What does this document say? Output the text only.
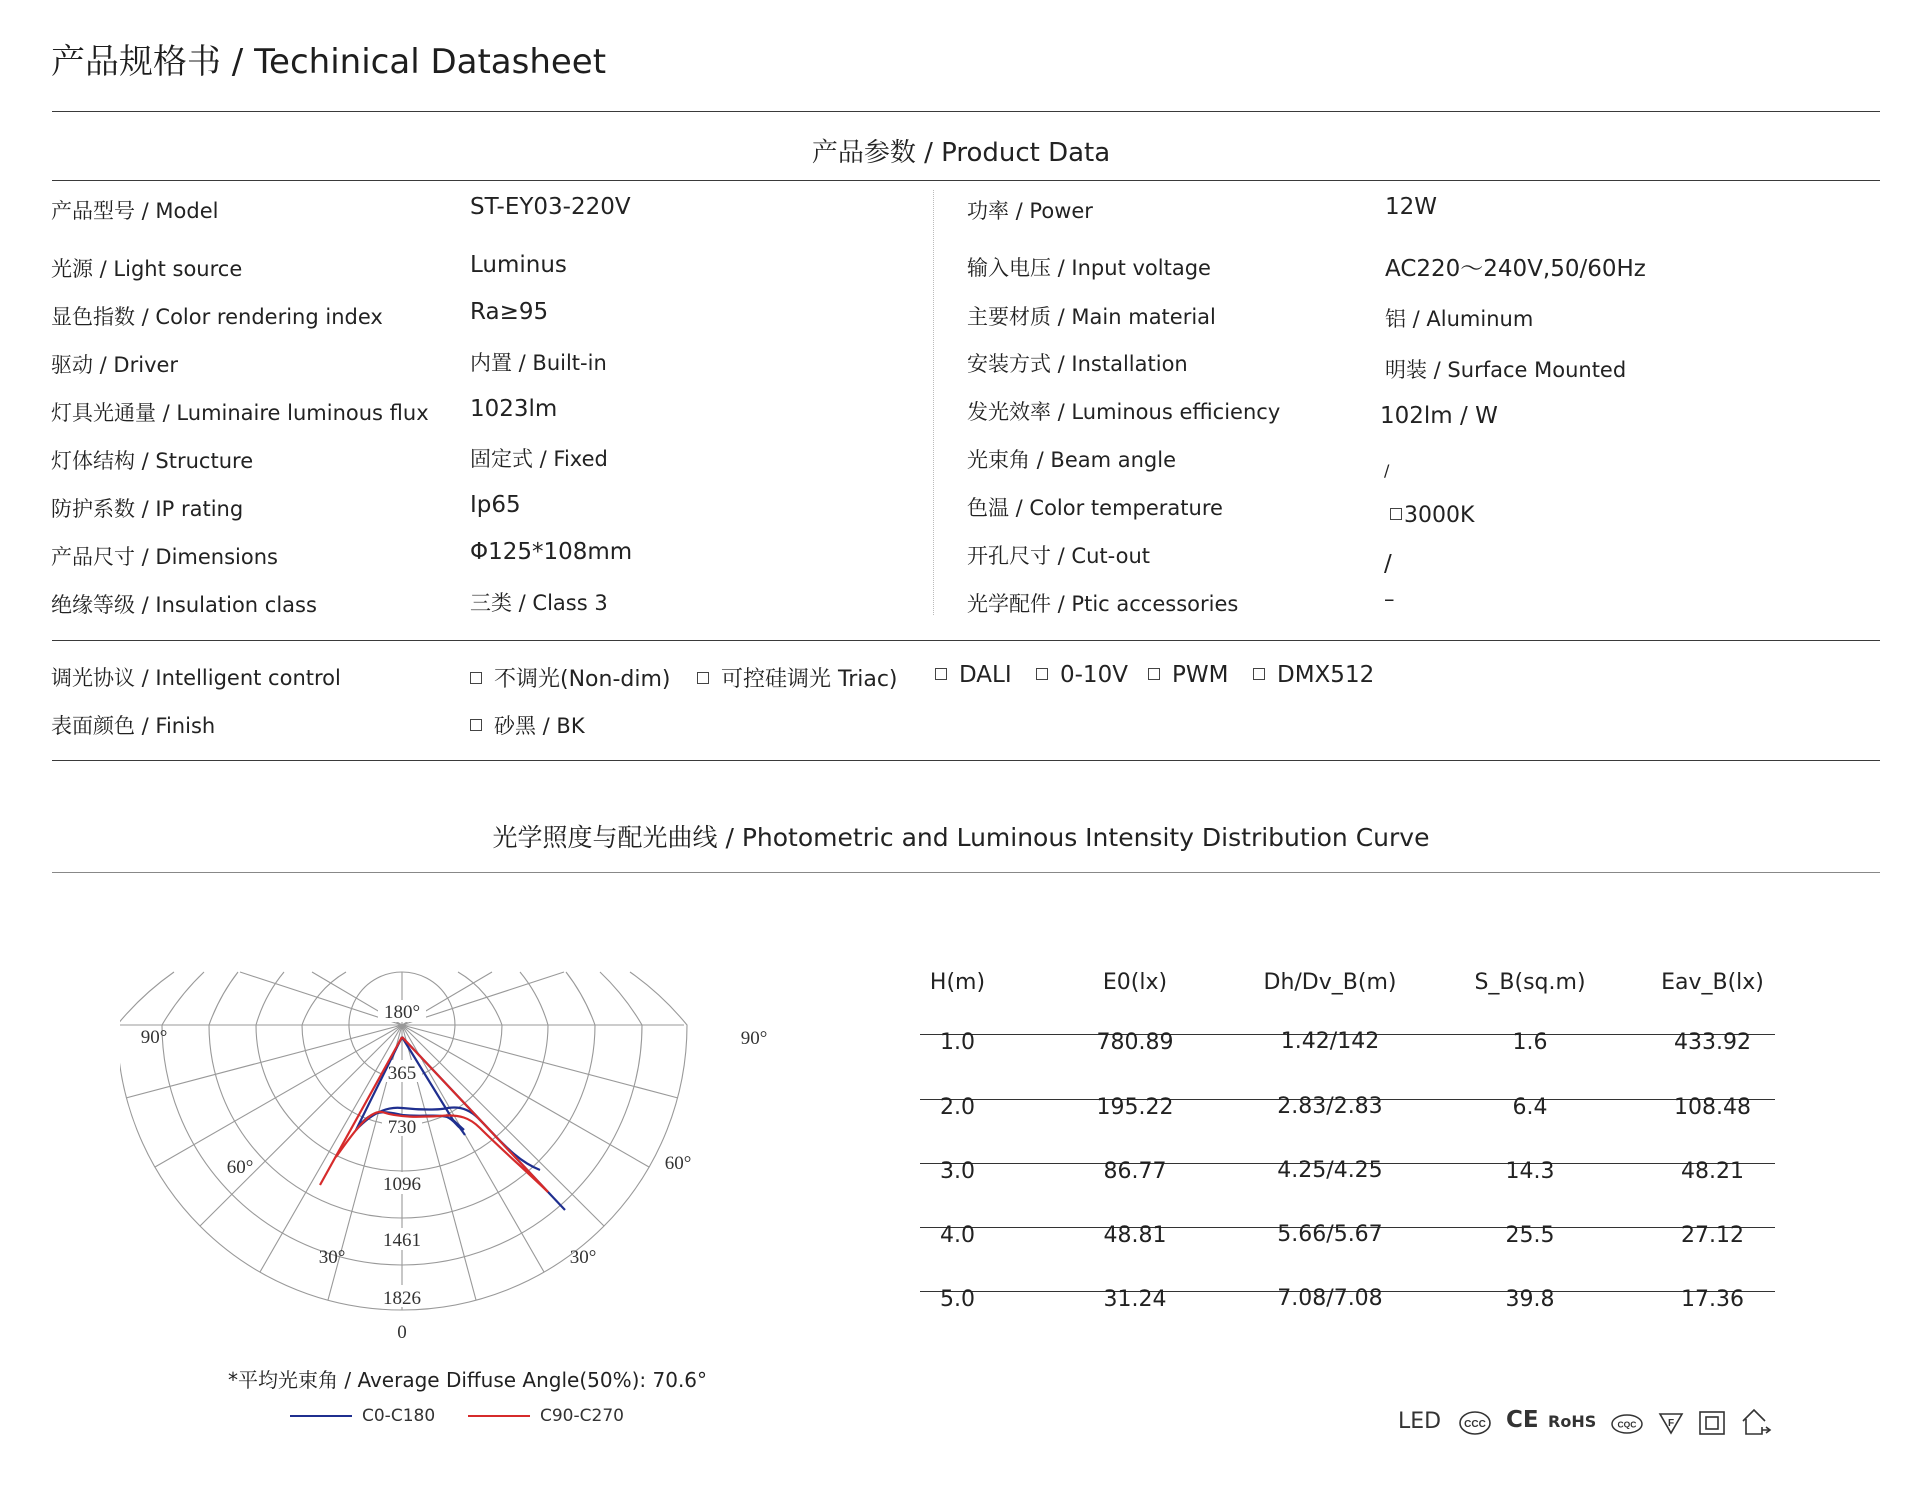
产品规格书 / Techinical Datasheet
产品参数 / Product Data
产品型号 / Model	ST-EY03-220V
光源 / Light source	Luminus
显色指数 / Color rendering index	Ra≥95
驱动 / Driver	内置 / Built-in
灯具光通量 / Luminaire luminous flux 1023lm
灯体结构 / Structure	固定式 / Fixed
防护系数 / IP rating	Ip65
产品尺寸 / Dimensions	Φ125*108mm
绝缘等级 / Insulation class	三类 / Class 3
功率 / Power	12W
输入电压 / Input voltage	AC220～240V,50/60Hz
主要材质 / Main material	铝 / Aluminum
安装方式 / Installation	明装 / Surface Mounted
发光效率 / Luminous efficiency	102lm / W
光束角 / Beam angle	/
色温 / Color temperature	3000K
开孔尺寸 / Cut-out	/
光学配件 / Ptic accessories	–
调光协议 / Intelligent control	不调光(Non-dim)	可控硅调光 Triac)	DALI	0-10V	PWM	DMX512
表面颜色 / Finish	砂黑 / BK
光学照度与配光曲线 / Photometric and Luminous Intensity Distribution Curve
180°
365
730
1096
1461
1826
0
90°	90°
60°	60°
30°	30°
*平均光束角 / Average Diffuse Angle(50%): 70.6°
C0-C180	C90-C270
H(m)	E0(lx)	Dh/Dv_B(m)	S_B(sq.m)	Eav_B(lx)
1.0	780.89	1.42/142	1.6	433.92
2.0	195.22	2.83/2.83	6.4	108.48
3.0	86.77	4.25/4.25	14.3	48.21
4.0	48.81	5.66/5.67	25.5	27.12
5.0	31.24	7.08/7.08	39.8	17.36
LED CCC CE RoHS	CQC	F
